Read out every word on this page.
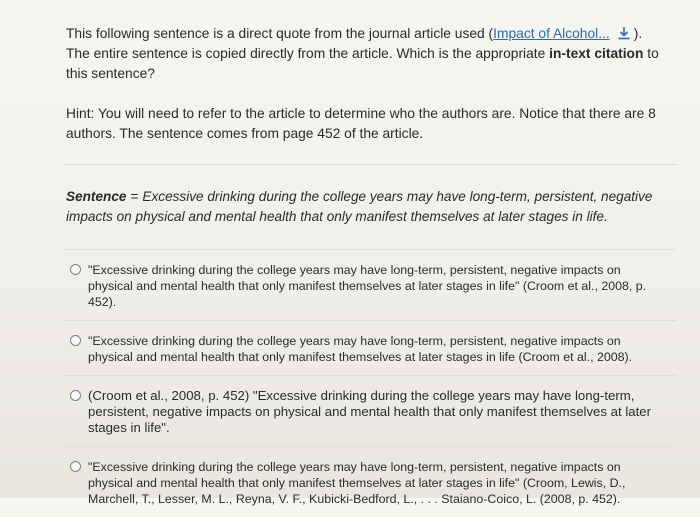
This following sentence is a direct quote from the journal article used (Impact of Alcohol... ). The entire sentence is copied directly from the article. Which is the appropriate in-text citation to this sentence?

Hint: You will need to refer to the article to determine who the authors are. Notice that there are 8 authors. The sentence comes from page 452 of the article.

Sentence = Excessive drinking during the college years may have long-term, persistent, negative impacts on physical and mental health that only manifest themselves at later stages in life.

"Excessive drinking during the college years may have long-term, persistent, negative impacts on physical and mental health that only manifest themselves at later stages in life" (Croom et al., 2008, p. 452).
"Excessive drinking during the college years may have long-term, persistent, negative impacts on physical and mental health that only manifest themselves at later stages in life (Croom et al., 2008).
(Croom et al., 2008, p. 452) "Excessive drinking during the college years may have long-term, persistent, negative impacts on physical and mental health that only manifest themselves at later stages in life".
"Excessive drinking during the college years may have long-term, persistent, negative impacts on physical and mental health that only manifest themselves at later stages in life" (Croom, Lewis, D., Marchell, T., Lesser, M. L., Reyna, V. F., Kubicki-Bedford, L., . . . Staiano-Coico, L. (2008, p. 452).
